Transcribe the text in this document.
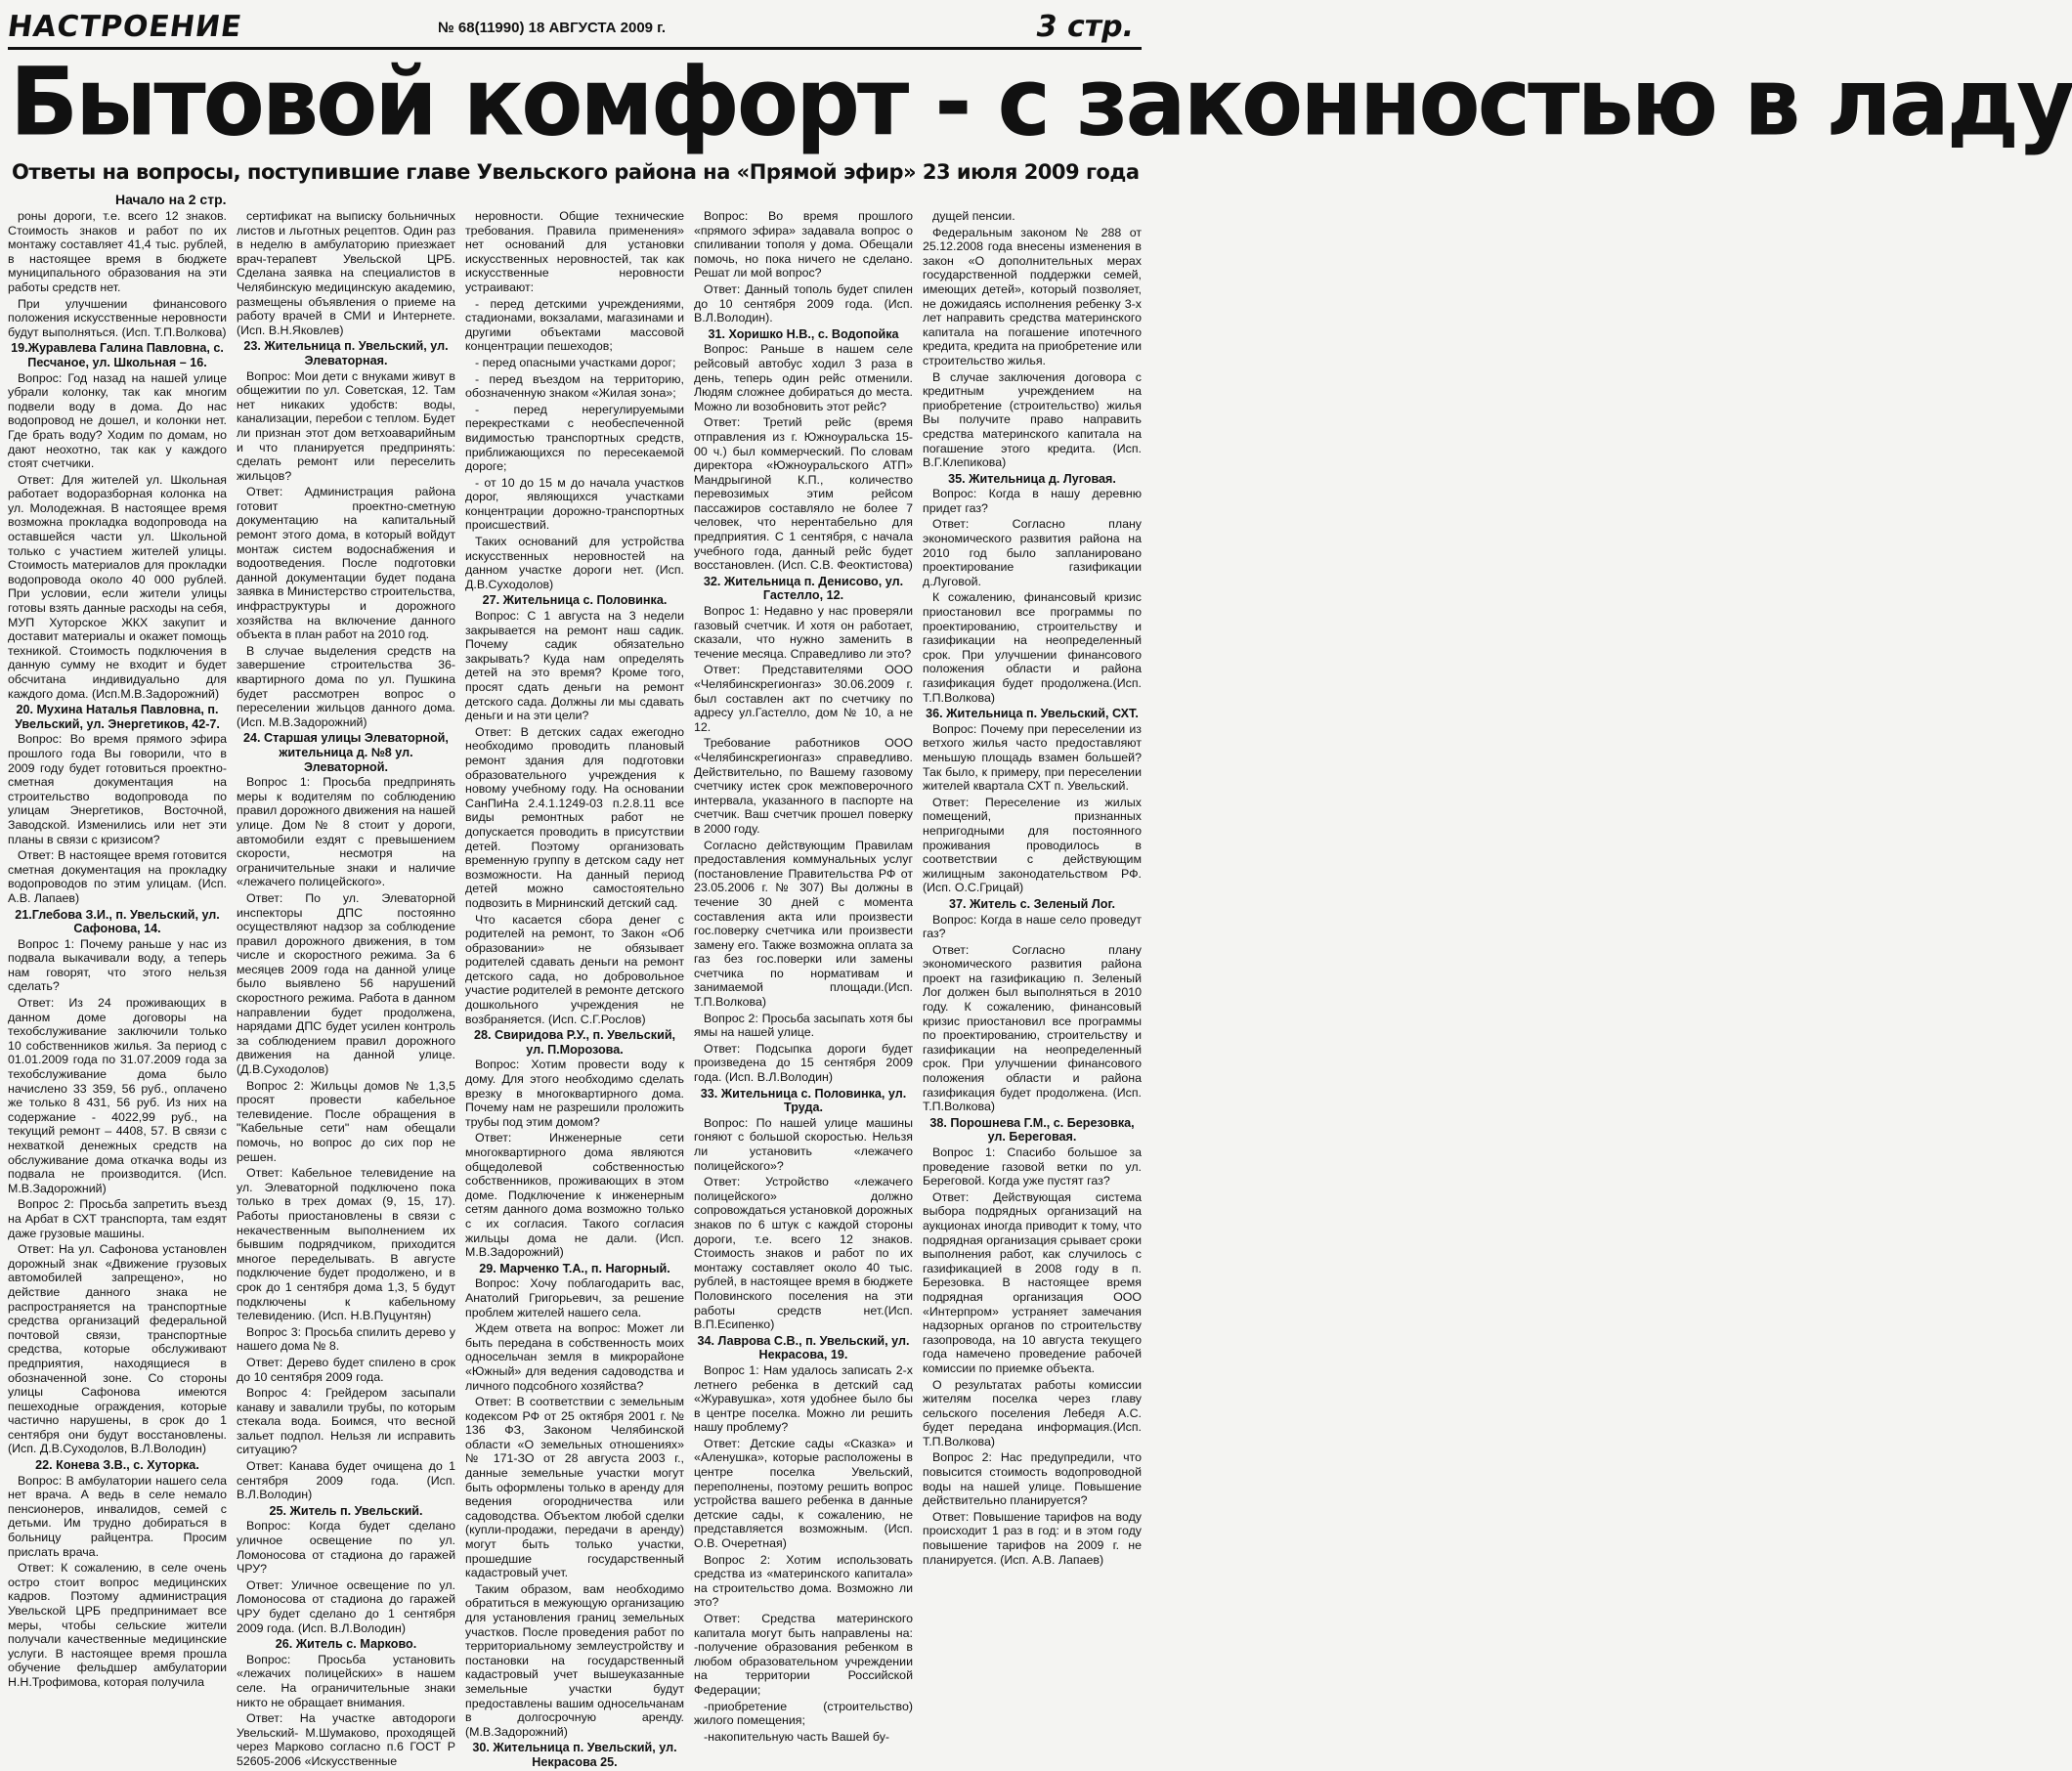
НАСТРОЕНИЕ	№ 68(11990) 18 АВГУСТА 2009 г.	3 стр.
Бытовой комфорт - с законностью в ладу
Ответы на вопросы, поступившие главе Увельского района на «Прямой эфир» 23 июля 2009 года
Начало на 2 стр.

роны дороги, т.е. всего 12 знаков. Стоимость знаков и работ по их монтажу составляет 41,4 тыс. рублей, в настоящее время в бюджете муниципального образования на эти работы средств нет.

При улучшении финансового положения искусственные неровности будут выполняться. (Исп. Т.П.Волкова)

19.Журавлева Галина Павловна, с. Песчаное, ул. Школьная – 16.

Вопрос: Год назад на нашей улице убрали колонку, так как многим подвели воду в дома. До нас водопровод не дошел, и колонки нет. Где брать воду? Ходим по домам, но дают неохотно, так как у каждого стоят счетчики.

Ответ: Для жителей ул. Школьная работает водоразборная колонка на ул. Молодежная. В настоящее время возможна прокладка водопровода на оставшейся части ул. Школьной только с участием жителей улицы. Стоимость материалов для прокладки водопровода около 40 000 рублей. При условии, если жители улицы готовы взять данные расходы на себя, МУП Хуторское ЖКХ закупит и доставит материалы и окажет помощь техникой. Стоимость подключения в данную сумму не входит и будет обсчитана индивидуально для каждого дома. (Исп.М.В.Задорожний)

20. Мухина Наталья Павловна, п. Увельский, ул. Энергетиков, 42-7.

Вопрос: Во время прямого эфира прошлого года Вы говорили, что в 2009 году будет готовиться проектно-сметная документация на строительство водопровода по улицам Энергетиков, Восточной, Заводской. Изменились или нет эти планы в связи с кризисом?

Ответ: В настоящее время готовится сметная документация на прокладку водопроводов по этим улицам. (Исп. А.В. Лапаев)

21.Глебова З.И., п. Увельский, ул. Сафонова, 14.

Вопрос 1: Почему раньше у нас из подвала выкачивали воду, а теперь нам говорят, что этого нельзя сделать?

Ответ: Из 24 проживающих в данном доме договоры на техобслуживание заключили только 10 собственников жилья. За период с 01.01.2009 года по 31.07.2009 года за техобслуживание дома было начислено 33 359, 56 руб., оплачено же только 8 431, 56 руб. Из них на содержание - 4022,99 руб., на текущий ремонт – 4408, 57. В связи с нехваткой денежных средств на обслуживание дома откачка воды из подвала не производится. (Исп. М.В.Задорожний)

Вопрос 2: Просьба запретить въезд на Арбат в СХТ транспорта, там ездят даже грузовые машины.

Ответ: На ул. Сафонова установлен дорожный знак «Движение грузовых автомобилей запрещено», но действие данного знака не распространяется на транспортные средства организаций федеральной почтовой связи, транспортные средства, которые обслуживают предприятия, находящиеся в обозначенной зоне. Со стороны улицы Сафонова имеются пешеходные ограждения, которые частично нарушены, в срок до 1 сентября они будут восстановлены. (Исп. Д.В.Суходолов, В.Л.Володин)

22. Конева З.В., с. Хуторка.

Вопрос: В амбулатории нашего села нет врача. А ведь в селе немало пенсионеров, инвалидов, семей с детьми. Им трудно добираться в больницу райцентра. Просим прислать врача.

Ответ: К сожалению, в селе очень остро стоит вопрос медицинских кадров. Поэтому администрация Увельской ЦРБ предпринимает все меры, чтобы сельские жители получали качественные медицинские услуги. В настоящее время прошла обучение фельдшер амбулатории Н.Н.Трофимова, которая получила

сертификат на выписку больничных листов и льготных рецептов. Один раз в неделю в амбулаторию приезжает врач-терапевт Увельской ЦРБ. Сделана заявка на специалистов в Челябинскую медицинскую академию, размещены объявления о приеме на работу врачей в СМИ и Интернете. (Исп. В.Н.Яковлев)

23. Жительница п. Увельский, ул. Элеваторная.

Вопрос: Мои дети с внуками живут в общежитии по ул. Советская, 12. Там нет никаких удобств: воды, канализации, перебои с теплом. Будет ли признан этот дом ветхоаварийным и что планируется предпринять: сделать ремонт или переселить жильцов?

Ответ: Администрация района готовит проектно-сметную документацию на капитальный ремонт этого дома, в который войдут монтаж систем водоснабжения и водоотведения. После подготовки данной документации будет подана заявка в Министерство строительства, инфраструктуры и дорожного хозяйства на включение данного объекта в план работ на 2010 год.

В случае выделения средств на завершение строительства 36-квартирного дома по ул. Пушкина будет рассмотрен вопрос о переселении жильцов данного дома. (Исп. М.В.Задорожний)

24. Старшая улицы Элеваторной, жительница д. №8 ул. Элеваторной.

Вопрос 1: Просьба предпринять меры к водителям по соблюдению правил дорожного движения на нашей улице. Дом № 8 стоит у дороги, автомобили ездят с превышением скорости, несмотря на ограничительные знаки и наличие «лежачего полицейского».

Ответ: По ул. Элеваторной инспекторы ДПС постоянно осуществляют надзор за соблюдение правил дорожного движения, в том числе и скоростного режима. За 6 месяцев 2009 года на данной улице было выявлено 56 нарушений скоростного режима. Работа в данном направлении будет продолжена, нарядами ДПС будет усилен контроль за соблюдением правил дорожного движения на данной улице. (Д.В.Суходолов)

Вопрос 2: Жильцы домов № 1,3,5 просят провести кабельное телевидение. После обращения в "Кабельные сети" нам обещали помочь, но вопрос до сих пор не решен.

Ответ: Кабельное телевидение на ул. Элеваторной подключено пока только в трех домах (9, 15, 17). Работы приостановлены в связи с некачественным выполнением их бывшим подрядчиком, приходится многое переделывать. В августе подключение будет продолжено, и в срок до 1 сентября дома 1,3, 5 будут подключены к кабельному телевидению. (Исп. Н.В.Пуцунтян)

Вопрос 3: Просьба спилить дерево у нашего дома № 8.

Ответ: Дерево будет спилено в срок до 10 сентября 2009 года.

Вопрос 4: Грейдером засыпали канаву и завалили трубы, по которым стекала вода. Боимся, что весной зальет подпол. Нельзя ли исправить ситуацию?

Ответ: Канава будет очищена до 1 сентября 2009 года. (Исп. В.Л.Володин)

25. Житель п. Увельский.

Вопрос: Когда будет сделано уличное освещение по ул. Ломоносова от стадиона до гаражей ЧРУ?

Ответ: Уличное освещение по ул. Ломоносова от стадиона до гаражей ЧРУ будет сделано до 1 сентября 2009 года. (Исп. В.Л.Володин)

26. Житель с. Марково.

Вопрос: Просьба установить «лежачих полицейских» в нашем селе. На ограничительные знаки никто не обращает внимания.

Ответ: На участке автодороги Увельский- М.Шумаково, проходящей через Марково согласно п.6 ГОСТ Р 52605-2006 «Искусственные

неровности. Общие технические требования. Правила применения» нет оснований для установки искусственных неровностей, так как искусственные неровности устраивают:

- перед детскими учреждениями, стадионами, вокзалами, магазинами и другими объектами массовой концентрации пешеходов;

- перед опасными участками дорог;

- перед въездом на территорию, обозначенную знаком «Жилая зона»;

- перед нерегулируемыми перекрестками с необеспеченной видимостью транспортных средств, приближающихся по пересекаемой дороге;

- от 10 до 15 м до начала участков дорог, являющихся участками концентрации дорожно-транспортных происшествий.

Таких оснований для устройства искусственных неровностей на данном участке дороги нет. (Исп. Д.В.Суходолов)

27. Жительница с. Половинка.

Вопрос: С 1 августа на 3 недели закрывается на ремонт наш садик. Почему садик обязательно закрывать? Куда нам определять детей на это время? Кроме того, просят сдать деньги на ремонт детского сада. Должны ли мы сдавать деньги и на эти цели?

Ответ: В детских садах ежегодно необходимо проводить плановый ремонт здания для подготовки образовательного учреждения к новому учебному году. На основании СанПиНа 2.4.1.1249-03 п.2.8.11 все виды ремонтных работ не допускается проводить в присутствии детей. Поэтому организовать временную группу в детском саду нет возможности. На данный период детей можно самостоятельно подвозить в Мирнинский детский сад.

Что касается сбора денег с родителей на ремонт, то Закон «Об образовании» не обязывает родителей сдавать деньги на ремонт детского сада, но добровольное участие родителей в ремонте детского дошкольного учреждения не возбраняется. (Исп. С.Г.Рослов)

28. Свиридова Р.У., п. Увельский, ул. П.Морозова.

Вопрос: Хотим провести воду к дому. Для этого необходимо сделать врезку в многоквартирного дома. Почему нам не разрешили проложить трубы под этим домом?

Ответ: Инженерные сети многоквартирного дома являются общедолевой собственностью собственников, проживающих в этом доме. Подключение к инженерным сетям данного дома возможно только с их согласия. Такого согласия жильцы дома не дали. (Исп. М.В.Задорожний)

29. Марченко Т.А., п. Нагорный.

Вопрос: Хочу поблагодарить вас, Анатолий Григорьевич, за решение проблем жителей нашего села.

Ждем ответа на вопрос: Может ли быть передана в собственность моих односельчан земля в микрорайоне «Южный» для ведения садоводства и личного подсобного хозяйства?

Ответ: В соответствии с земельным кодексом РФ от 25 октября 2001 г. № 136 ФЗ, Законом Челябинской области «О земельных отношениях» № 171-ЗО от 28 августа 2003 г., данные земельные участки могут быть оформлены только в аренду для ведения огородничества или садоводства. Объектом любой сделки (купли-продажи, передачи в аренду) могут быть только участки, прошедшие государственный кадастровый учет.

Таким образом, вам необходимо обратиться в межующую организацию для установления границ земельных участков. После проведения работ по территориальному землеустройству и постановки на государственный кадастровый учет вышеуказанные земельные участки будут предоставлены вашим односельчанам в долгосрочную аренду. (М.В.Задорожний)

30. Жительница п. Увельский, ул. Некрасова 25.

Вопрос: Во время прошлого «прямого эфира» задавала вопрос о спиливании тополя у дома. Обещали помочь, но пока ничего не сделано. Решат ли мой вопрос?

Ответ: Данный тополь будет спилен до 10 сентября 2009 года. (Исп. В.Л.Володин).

31. Хоришко Н.В., с. Водопойка

Вопрос: Раньше в нашем селе рейсовый автобус ходил 3 раза в день, теперь один рейс отменили. Людям сложнее добираться до места. Можно ли возобновить этот рейс?

Ответ: Третий рейс (время отправления из г. Южноуральска 15-00 ч.) был коммерческий. По словам директора «Южноуральского АТП» Мандрыгиной К.П., количество перевозимых этим рейсом пассажиров составляло не более 7 человек, что нерентабельно для предприятия. С 1 сентября, с начала учебного года, данный рейс будет восстановлен. (Исп. С.В. Феоктистова)

32. Жительница п. Денисово, ул. Гастелло, 12.

Вопрос 1: Недавно у нас проверяли газовый счетчик. И хотя он работает, сказали, что нужно заменить в течение месяца. Справедливо ли это?

Ответ: Представителями ООО «Челябинскрегионгаз» 30.06.2009 г. был составлен акт по счетчику по адресу ул.Гастелло, дом № 10, а не 12.

Требование работников ООО «Челябинскрегионгаз» справедливо. Действительно, по Вашему газовому счетчику истек срок межповерочного интервала, указанного в паспорте на счетчик. Ваш счетчик прошел поверку в 2000 году.

Согласно действующим Правилам предоставления коммунальных услуг (постановление Правительства РФ от 23.05.2006 г. № 307) Вы должны в течение 30 дней с момента составления акта или произвести гос.поверку счетчика или произвести замену его. Также возможна оплата за газ без гос.поверки или замены счетчика по нормативам и занимаемой площади.(Исп. Т.П.Волкова)

Вопрос 2: Просьба засыпать хотя бы ямы на нашей улице.

Ответ: Подсыпка дороги будет произведена до 15 сентября 2009 года. (Исп. В.Л.Володин)

33. Жительница с. Половинка, ул. Труда.

Вопрос: По нашей улице машины гоняют с большой скоростью. Нельзя ли установить «лежачего полицейского»?

Ответ: Устройство «лежачего полицейского» должно сопровождаться установкой дорожных знаков по 6 штук с каждой стороны дороги, т.е. всего 12 знаков. Стоимость знаков и работ по их монтажу составляет около 40 тыс. рублей, в настоящее время в бюджете Половинского поселения на эти работы средств нет.(Исп. В.П.Есипенко)

34. Лаврова С.В., п. Увельский, ул. Некрасова, 19.

Вопрос 1: Нам удалось записать 2-х летнего ребенка в детский сад «Журавушка», хотя удобнее было бы в центре поселка. Можно ли решить нашу проблему?

Ответ: Детские сады «Сказка» и «Аленушка», которые расположены в центре поселка Увельский, переполнены, поэтому решить вопрос устройства вашего ребенка в данные детские сады, к сожалению, не представляется возможным. (Исп. О.В. Очеретная)

Вопрос 2: Хотим использовать средства из «материнского капитала» на строительство дома. Возможно ли это?

Ответ: Средства материнского капитала могут быть направлены на: -получение образования ребенком в любом образовательном учреждении на территории Российской Федерации;

-приобретение (строительство) жилого помещения;

-накопительную часть Вашей бу-

дущей пенсии.

Федеральным законом № 288 от 25.12.2008 года внесены изменения в закон «О дополнительных мерах государственной поддержки семей, имеющих детей», который позволяет, не дожидаясь исполнения ребенку 3-х лет направить средства материнского капитала на погашение ипотечного кредита, кредита на приобретение или строительство жилья.

В случае заключения договора с кредитным учреждением на приобретение (строительство) жилья Вы получите право направить средства материнского капитала на погашение этого кредита. (Исп. В.Г.Клепикова)

35. Жительница д. Луговая.

Вопрос: Когда в нашу деревню придет газ?

Ответ: Согласно плану экономического развития района на 2010 год было запланировано проектирование газификации д.Луговой.

К сожалению, финансовый кризис приостановил все программы по проектированию, строительству и газификации на неопределенный срок. При улучшении финансового положения области и района газификация будет продолжена.(Исп. Т.П.Волкова)

36. Жительница п. Увельский, СХТ.

Вопрос: Почему при переселении из ветхого жилья часто предоставляют меньшую площадь взамен большей? Так было, к примеру, при переселении жителей квартала СХТ п. Увельский.

Ответ: Переселение из жилых помещений, признанных непригодными для постоянного проживания проводилось в соответствии с действующим жилищным законодательством РФ. (Исп. О.С.Грицай)

37. Житель с. Зеленый Лог.

Вопрос: Когда в наше село проведут газ?

Ответ: Согласно плану экономического развития района проект на газификацию п. Зеленый Лог должен был выполняться в 2010 году. К сожалению, финансовый кризис приостановил все программы по проектированию, строительству и газификации на неопределенный срок. При улучшении финансового положения области и района газификация будет продолжена. (Исп. Т.П.Волкова)

38. Порошнева Г.М., с. Березовка, ул. Береговая.

Вопрос 1: Спасибо большое за проведение газовой ветки по ул. Береговой. Когда уже пустят газ?

Ответ: Действующая система выбора подрядных организаций на аукционах иногда приводит к тому, что подрядная организация срывает сроки выполнения работ, как случилось с газификацией в 2008 году в п. Березовка. В настоящее время подрядная организация ООО «Интерпром» устраняет замечания надзорных органов по строительству газопровода, на 10 августа текущего года намечено проведение рабочей комиссии по приемке объекта.

О результатах работы комиссии жителям поселка через главу сельского поселения Лебедя А.С. будет передана информация.(Исп. Т.П.Волкова)

Вопрос 2: Нас предупредили, что повысится стоимость водопроводной воды на нашей улице. Повышение действительно планируется?

Ответ: Повышение тарифов на воду происходит 1 раз в год: и в этом году повышение тарифов на 2009 г. не планируется. (Исп. А.В. Лапаев)
